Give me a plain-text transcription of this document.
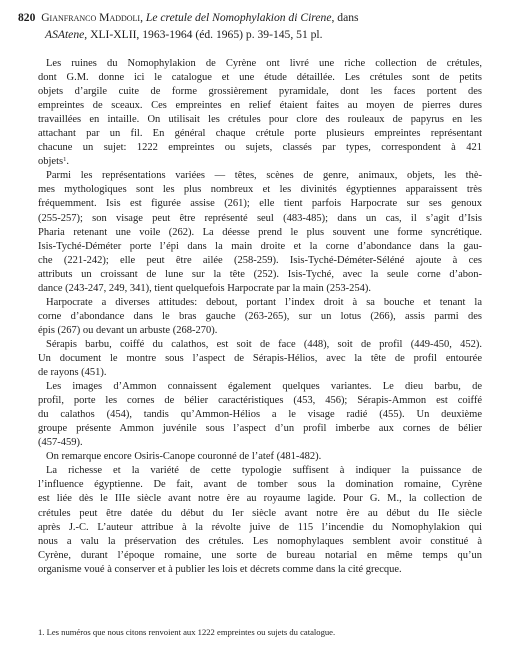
820 Gianfranco Maddoli, Le cretule del Nomophylakion di Cirene, dans
ASAtene, XLI-XLII, 1963-1964 (éd. 1965) p. 39-145, 51 pl.
Les ruines du Nomophylakion de Cyrène ont livré une riche collection de crétules,
dont G.M. donne ici le catalogue et une étude détaillée. Les crétules sont de petits
objets d’argile cuite de forme grossièrement pyramidale, dont les faces portent des
empreintes de sceaux. Ces empreintes en relief étaient faites au moyen de pierres dures
travaillées en intaille. On utilisait les crétules pour clore des rouleaux de papyrus en les
attachant par un fil. En général chaque crétule porte plusieurs empreintes représentant
chacune un sujet: 1222 empreintes ou sujets, classés par types, correspondent à 421
objets$^1$.
Parmi les représentations variées — têtes, scènes de genre, animaux, objets, les thè-
mes mythologiques sont les plus nombreux et les divinités égyptiennes apparaissent très
fréquemment. Isis est figurée assise (261); elle tient parfois Harpocrate sur ses genoux
(255-257); son visage peut être représenté seul (483-485); dans un cas, il s’agit d’Isis
Pharia retenant une voile (262). La déesse prend le plus souvent une forme syncrétique.
Isis-Tyché-Déméter porte l’épi dans la main droite et la corne d’abondance dans la gau-
che (221-242); elle peut être ailée (258-259). Isis-Tyché-Déméter-Séléné ajoute à ces
attributs un croissant de lune sur la tête (252). Isis-Tyché, avec la seule corne d’abon-
dance (243-247, 249, 341), tient quelquefois Harpocrate par la main (253-254).
Harpocrate a diverses attitudes: debout, portant l’index droit à sa bouche et tenant la
corne d’abondance dans le bras gauche (263-265), sur un lotus (266), assis parmi des
épis (267) ou devant un arbuste (268-270).
Sérapis barbu, coiffé du calathos, est soit de face (448), soit de profil (449-450, 452).
Un document le montre sous l’aspect de Sérapis-Hélios, avec la tête de profil entourée
de rayons (451).
Les images d’Ammon connaissent également quelques variantes. Le dieu barbu, de
profil, porte les cornes de bélier caractéristiques (453, 456); Sérapis-Ammon est coiffé
du calathos (454), tandis qu’Ammon-Hélios a le visage radié (455). Un deuxième
groupe présente Ammon juvénile sous l’aspect d’un profil imberbe aux cornes de bélier
(457-459).
On remarque encore Osiris-Canope couronné de l’atef (481-482).
La richesse et la variété de cette typologie suffisent à indiquer la puissance de
l’influence égyptienne. De fait, avant de tomber sous la domination romaine, Cyrène
est liée dès le IIIe siècle avant notre ère au royaume lagide. Pour G. M., la collection de
crétules peut être datée du début du Ier siècle avant notre ère au début du IIe siècle
après J.-C. L’auteur attribue à la révolte juive de 115 l’incendie du Nomophylakion qui
nous a valu la préservation des crétules. Les nomophylaques semblent avoir constitué à
Cyrène, durant l’époque romaine, une sorte de bureau notarial en même temps qu’un
organisme voué à conserver et à publier les lois et décrets comme dans la cité grecque.
1. Les numéros que nous citons renvoient aux 1222 empreintes ou sujets du catalogue.
